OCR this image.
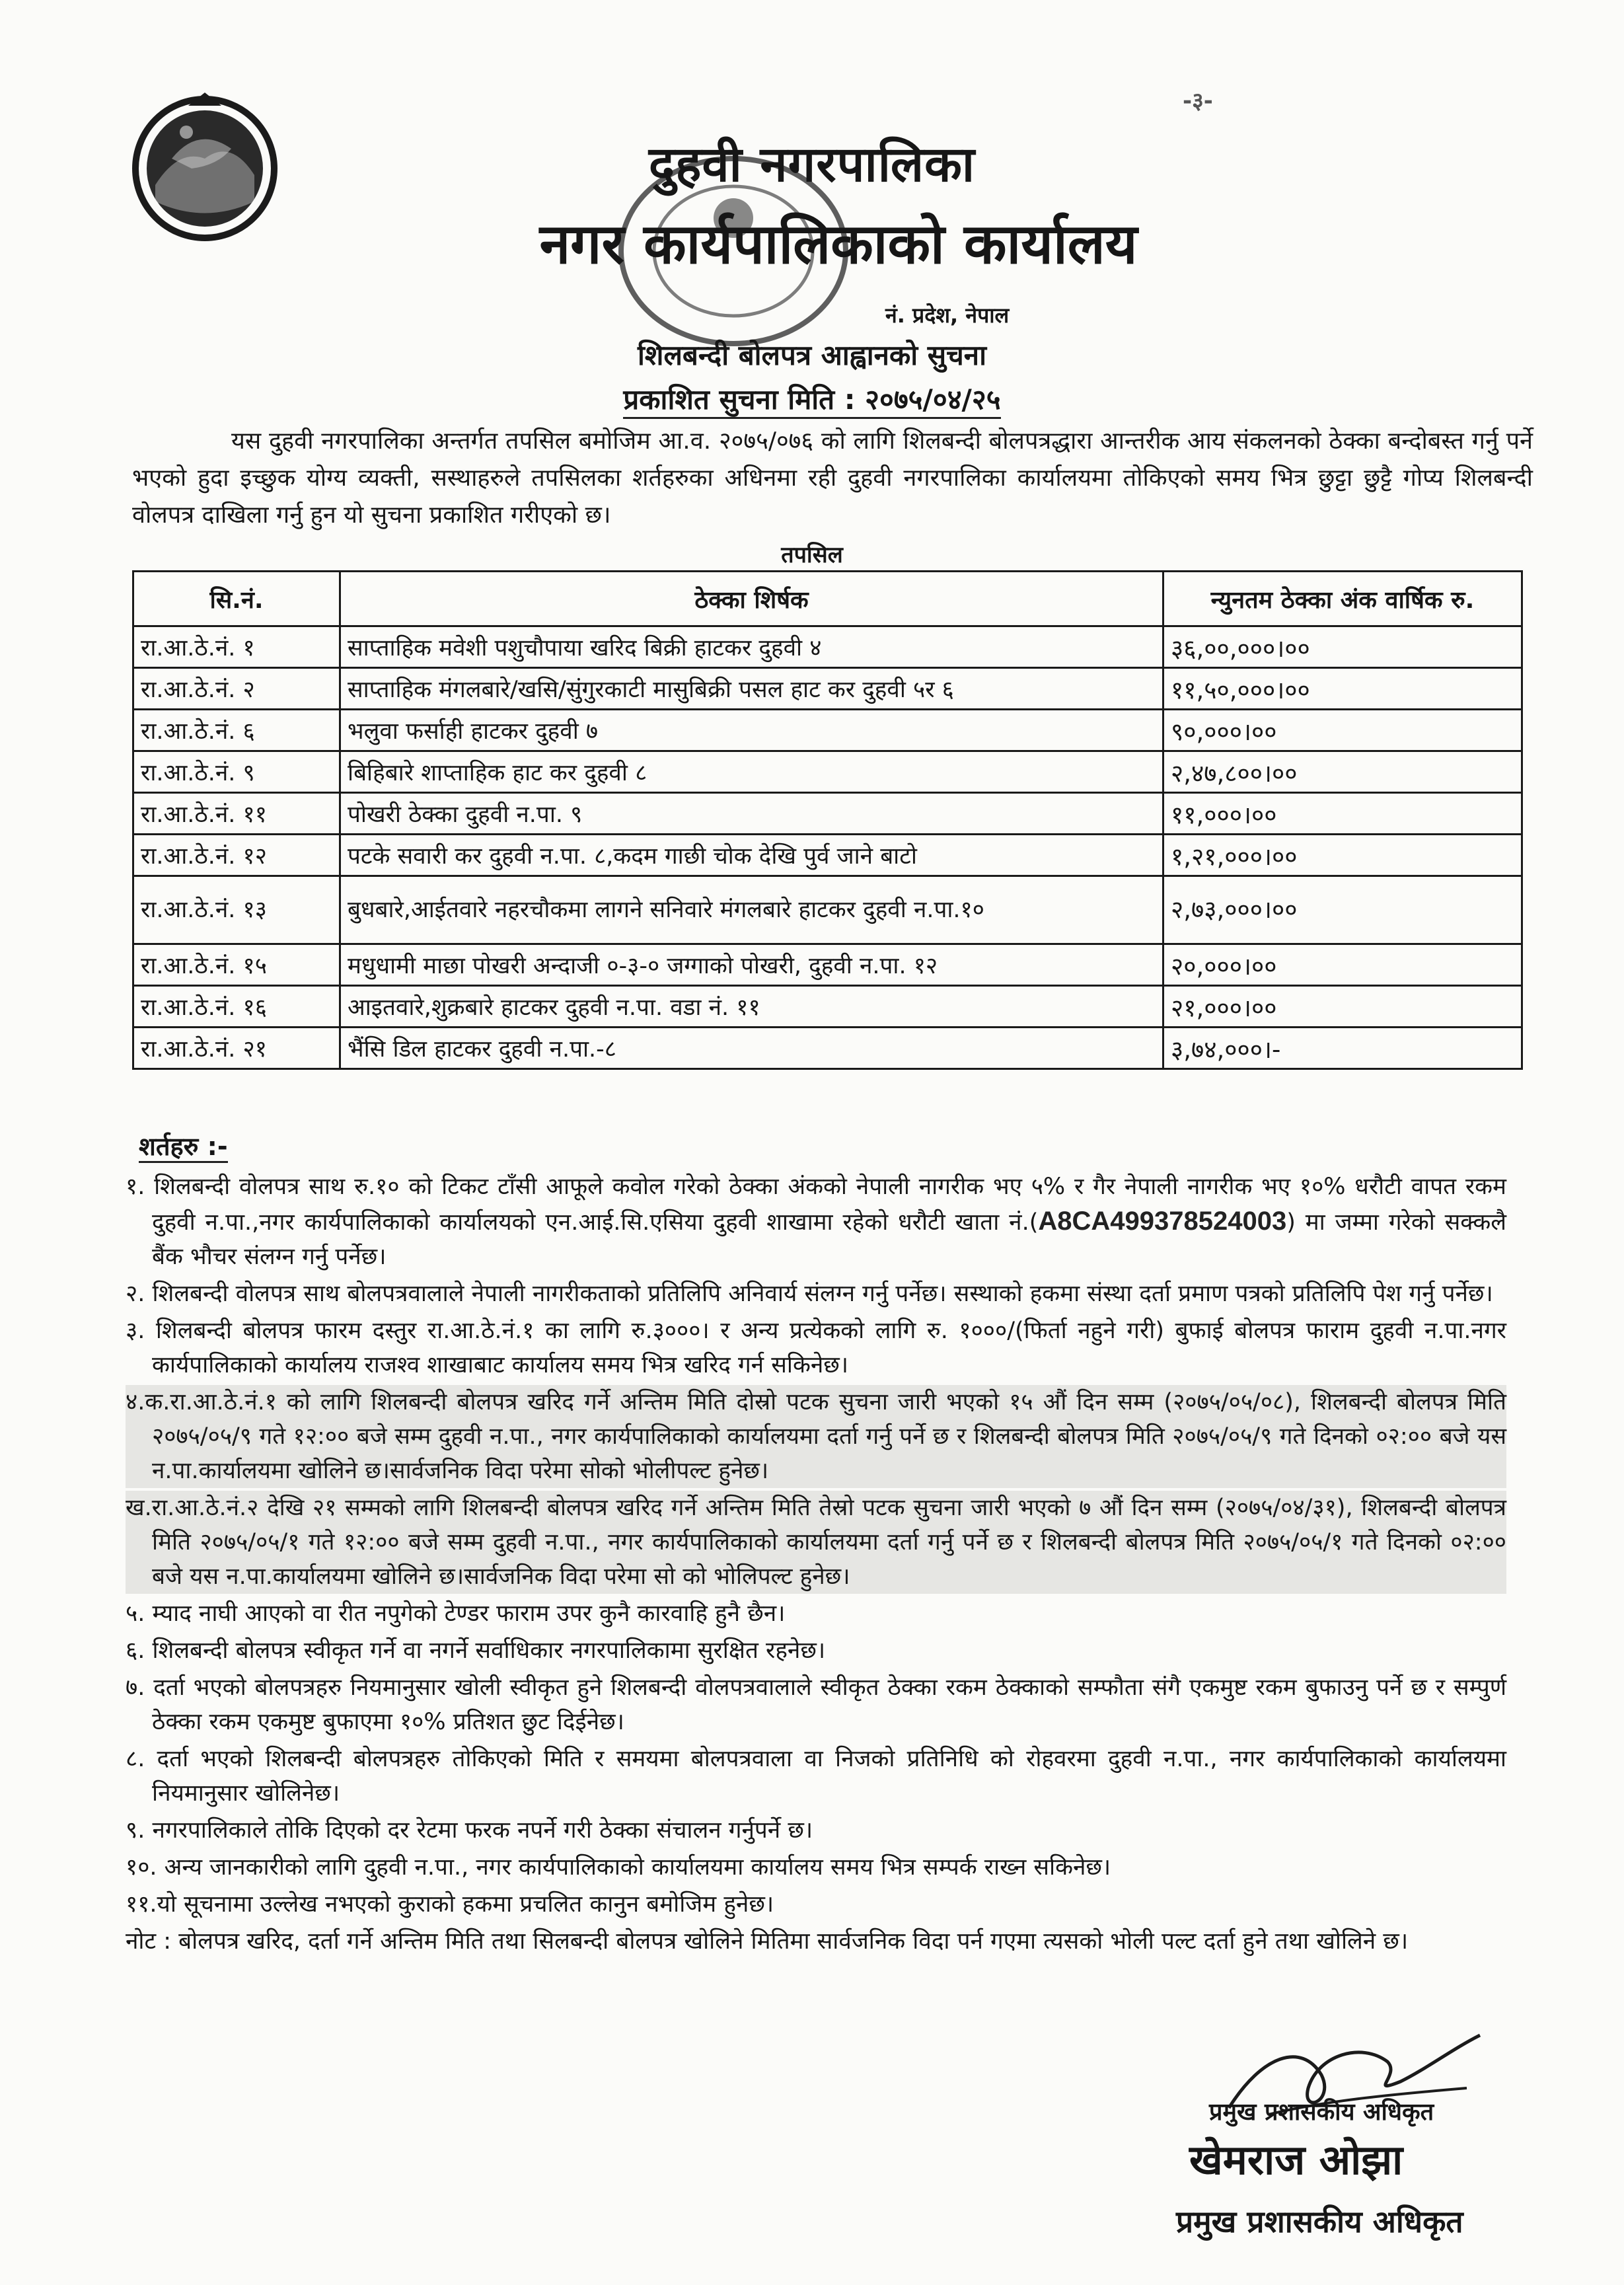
-३-
दुहवी नगरपालिका
नगर कार्यपालिकाको कार्यालय
नं. प्रदेश, नेपाल
शिलबन्दी बोलपत्र आह्वानको सुचना
प्रकाशित सुचना मिति : २०७५/०४/२५

यस दुहवी नगरपालिका अन्तर्गत तपसिल बमोजिम आ.व. २०७५/०७६ को लागि शिलबन्दी बोलपत्रद्धारा आन्तरीक आय संकलनको ठेक्का बन्दोबस्त गर्नु पर्ने भएको हुदा इच्छुक योग्य व्यक्ती, सस्थाहरुले तपसिलका शर्तहरुका अधिनमा रही दुहवी नगरपालिका कार्यालयमा तोकिएको समय भित्र छुट्टा छुट्टै गोप्य शिलबन्दी वोलपत्र दाखिला गर्नु हुन यो सुचना प्रकाशित गरीएको छ।

तपसिल
सि.नं.	ठेक्का शिर्षक	न्युनतम ठेक्का अंक वार्षिक रु.
रा.आ.ठे.नं. १	साप्ताहिक मवेशी पशुचौपाया खरिद बिक्री हाटकर दुहवी ४	३६,००,०००।००
रा.आ.ठे.नं. २	साप्ताहिक मंगलबारे/खसि/सुंगुरकाटी मासुबिक्री पसल हाट कर दुहवी ५र ६	११,५०,०००।००
रा.आ.ठे.नं. ६	भलुवा फर्साही हाटकर दुहवी ७	९०,०००।००
रा.आ.ठे.नं. ९	बिहिबारे शाप्ताहिक हाट कर दुहवी ८	२,४७,८००।००
रा.आ.ठे.नं. ११	पोखरी ठेक्का दुहवी न.पा. ९	११,०००।००
रा.आ.ठे.नं. १२	पटके सवारी कर दुहवी न.पा. ८,कदम गाछी चोक देखि पुर्व जाने बाटो	१,२१,०००।००
रा.आ.ठे.नं. १३	बुधबारे,आईतवारे नहरचौकमा लागने सनिवारे मंगलबारे हाटकर दुहवी न.पा.१०	२,७३,०००।००
रा.आ.ठे.नं. १५	मधुधामी माछा पोखरी अन्दाजी ०-३-० जग्गाको पोखरी, दुहवी न.पा. १२	२०,०००।००
रा.आ.ठे.नं. १६	आइतवारे,शुक्रबारे हाटकर दुहवी न.पा. वडा नं. ११	२१,०००।००
रा.आ.ठे.नं. २१	भैंसि डिल हाटकर दुहवी न.पा.-८	३,७४,०००।-
शर्तहरु :-

१. शिलबन्दी वोलपत्र साथ रु.१० को टिकट टाँसी आफूले कवोल गरेको ठेक्का अंकको नेपाली नागरीक भए ५% र गैर नेपाली नागरीक भए १०% धरौटी वापत रकम दुहवी न.पा.,नगर कार्यपालिकाको कार्यालयको एन.आई.सि.एसिया दुहवी शाखामा रहेको धरौटी खाता नं.(A8CA499378524003) मा जम्मा गरेको सक्कलै बैंक भौचर संलग्न गर्नु पर्नेछ।

२. शिलबन्दी वोलपत्र साथ बोलपत्रवालाले नेपाली नागरीकताको प्रतिलिपि अनिवार्य संलग्न गर्नु पर्नेछ। सस्थाको हकमा संस्था दर्ता प्रमाण पत्रको प्रतिलिपि पेश गर्नु पर्नेछ।

३. शिलबन्दी बोलपत्र फारम दस्तुर रा.आ.ठे.नं.१ का लागि रु.३०००। र अन्य प्रत्येकको लागि रु. १०००/(फिर्ता नहुने गरी) बुफाई बोलपत्र फाराम दुहवी न.पा.नगर कार्यपालिकाको कार्यालय राजश्व शाखाबाट कार्यालय समय भित्र खरिद गर्न सकिनेछ।

४.क.रा.आ.ठे.नं.१ को लागि शिलबन्दी बोलपत्र खरिद गर्ने अन्तिम मिति दोस्रो पटक सुचना जारी भएको १५ औं दिन सम्म (२०७५/०५/०८), शिलबन्दी बोलपत्र मिति २०७५/०५/९ गते १२:०० बजे सम्म दुहवी न.पा., नगर कार्यपालिकाको कार्यालयमा दर्ता गर्नु पर्ने छ र शिलबन्दी बोलपत्र मिति २०७५/०५/९ गते दिनको ०२:०० बजे यस न.पा.कार्यालयमा खोलिने छ।सार्वजनिक विदा परेमा सोको भोलीपल्ट हुनेछ।

ख.रा.आ.ठे.नं.२ देखि २१ सम्मको लागि शिलबन्दी बोलपत्र खरिद गर्ने अन्तिम मिति तेस्रो पटक सुचना जारी भएको ७ औं दिन सम्म (२०७५/०४/३१), शिलबन्दी बोलपत्र मिति २०७५/०५/१ गते १२:०० बजे सम्म दुहवी न.पा., नगर कार्यपालिकाको कार्यालयमा दर्ता गर्नु पर्ने छ र शिलबन्दी बोलपत्र मिति २०७५/०५/१ गते दिनको ०२:०० बजे यस न.पा.कार्यालयमा खोलिने छ।सार्वजनिक विदा परेमा सो को भोलिपल्ट हुनेछ।

५. म्याद नाघी आएको वा रीत नपुगेको टेण्डर फाराम उपर कुनै कारवाहि हुनै छैन।

६. शिलबन्दी बोलपत्र स्वीकृत गर्ने वा नगर्ने सर्वाधिकार नगरपालिकामा सुरक्षित रहनेछ।

७. दर्ता भएको बोलपत्रहरु नियमानुसार खोली स्वीकृत हुने शिलबन्दी वोलपत्रवालाले स्वीकृत ठेक्का रकम ठेक्काको सम्फौता संगै एकमुष्ट रकम बुफाउनु पर्ने छ र सम्पुर्ण ठेक्का रकम एकमुष्ट बुफाएमा १०% प्रतिशत छुट दिईनेछ।

८. दर्ता भएको शिलबन्दी बोलपत्रहरु तोकिएको मिति र समयमा बोलपत्रवाला वा निजको प्रतिनिधि को रोहवरमा दुहवी न.पा., नगर कार्यपालिकाको कार्यालयमा नियमानुसार खोलिनेछ।

९. नगरपालिकाले तोकि दिएको दर रेटमा फरक नपर्ने गरी ठेक्का संचालन गर्नुपर्ने छ।

१०. अन्य जानकारीको लागि दुहवी न.पा., नगर कार्यपालिकाको कार्यालयमा कार्यालय समय भित्र सम्पर्क राख्न सकिनेछ।

११.यो सूचनामा उल्लेख नभएको कुराको हकमा प्रचलित कानुन बमोजिम हुनेछ।

नोट : बोलपत्र खरिद, दर्ता गर्ने अन्तिम मिति तथा सिलबन्दी बोलपत्र खोलिने मितिमा सार्वजनिक विदा पर्न गएमा त्यसको भोली पल्ट दर्ता हुने तथा खोलिने छ।

प्रमुख प्रशासकीय अधिकृत
खेमराज ओझा
प्रमुख प्रशासकीय अधिकृत
